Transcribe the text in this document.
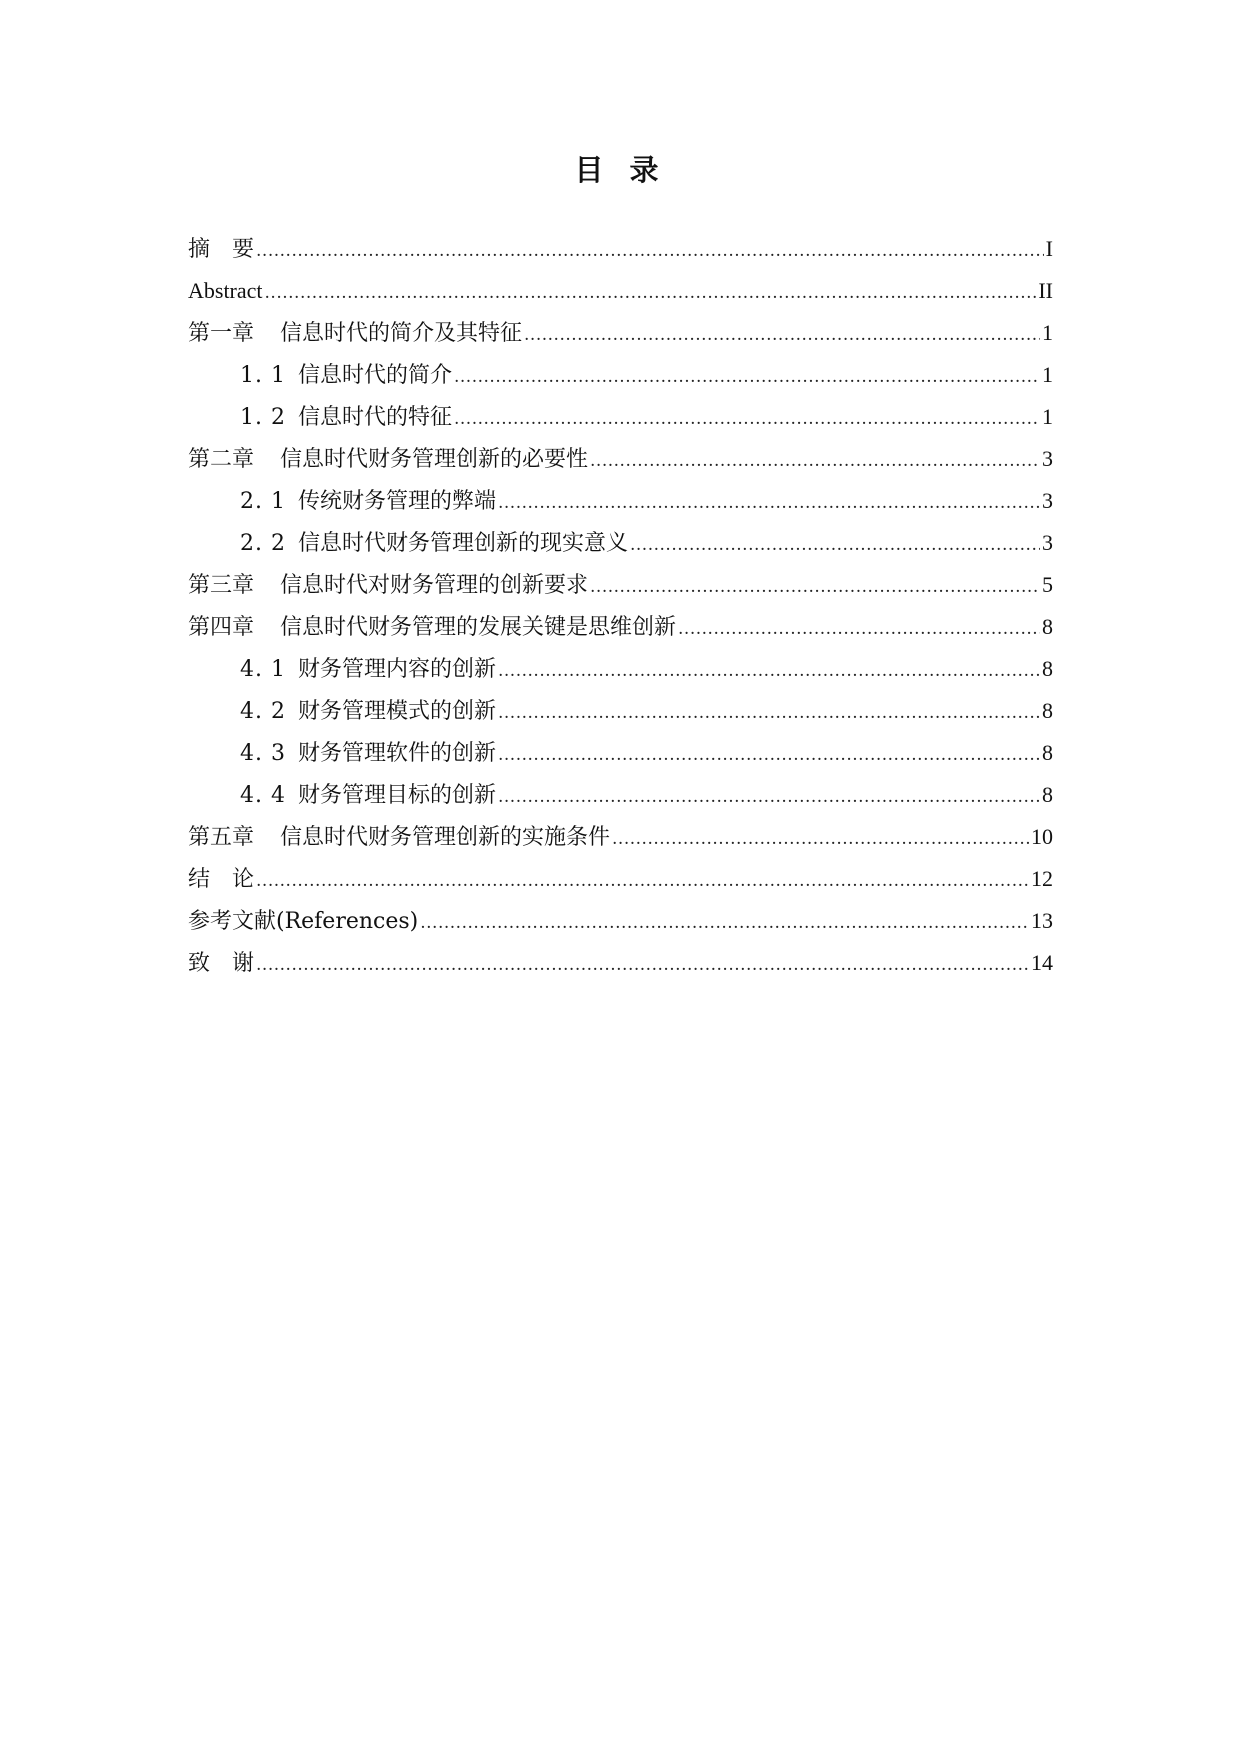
目 录
摘　要 .....	I
Abstract .....	II
第一章 信息时代的简介及其特征 .....	1
1. 1 信息时代的简介 .....	1
1. 2 信息时代的特征 .....	1
第二章 信息时代财务管理创新的必要性 .....	3
2. 1 传统财务管理的弊端 .....	3
2. 2 信息时代财务管理创新的现实意义 .....	3
第三章 信息时代对财务管理的创新要求 .....	5
第四章 信息时代财务管理的发展关键是思维创新 .....	8
4. 1 财务管理内容的创新 .....	8
4. 2 财务管理模式的创新 .....	8
4. 3 财务管理软件的创新 .....	8
4. 4 财务管理目标的创新 .....	8
第五章 信息时代财务管理创新的实施条件 .....	10
结　论 .....	12
参考文献(References) .....	13
致　谢 .....	14
